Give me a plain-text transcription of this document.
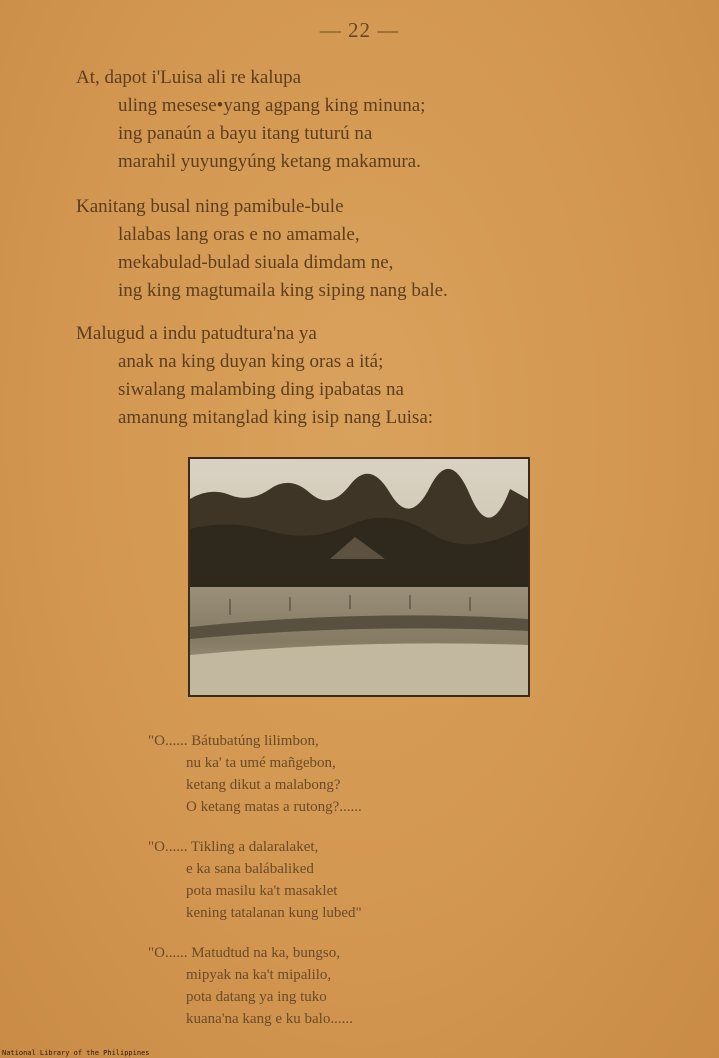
— 22 —
At, dapot i'Luisa ali re kalupa
uling mesese•yang agpang king minuna;
ing panaún a bayu itang tuturú na
marahil yuyungyúng ketang makamura.
Kanitang busal ning pamibule-bule
lalabas lang oras e no amamale,
mekabulad-bulad siuala dimdam ne,
ing king magtumaila king siping nang bale.
Malugud a indu patudtura'na ya
anak na king duyan king oras a itá;
siwalang malambing ding ipabatas na
amanung mitanglad king isip nang Luisa:
"O...... Bátubatúng lilimbon,
nu ka' ta umé mañgebon,
ketang dikut a malabong?
O ketang matas a rutong?......
"O...... Tikling a dalaralaket,
e ka sana balábaliked
pota masilu ka't masaklet
kening tatalanan kung lubed"
"O...... Matudtud na ka, bungso,
mipyak na ka't mipalilo,
pota datang ya ing tuko
kuana'na kang e ku balo......
National Library of the Philippines
